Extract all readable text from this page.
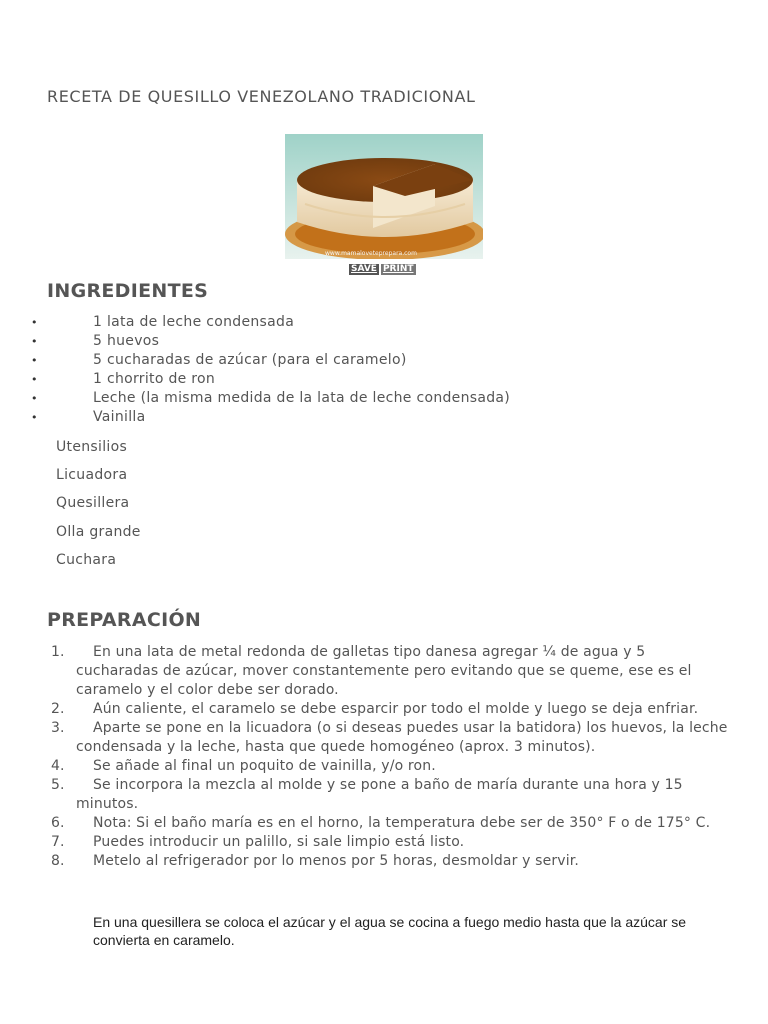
RECETA DE QUESILLO VENEZOLANO TRADICIONAL
www.mamaloveteprepara.com
SAVE PRINT
INGREDIENTES
•	1 lata de leche condensada
•	5 huevos
•	5 cucharadas de azúcar (para el caramelo)
•	1 chorrito de ron
•	Leche (la misma medida de la lata de leche condensada)
•	Vainilla
Utensilios
Licuadora
Quesillera
Olla grande
Cuchara
PREPARACIÓN
1. En una lata de metal redonda de galletas tipo danesa agregar ¼ de agua y 5 cucharadas de azúcar, mover constantemente pero evitando que se queme, ese es el caramelo y el color debe ser dorado.
2. Aún caliente, el caramelo se debe esparcir por todo el molde y luego se deja enfriar.
3. Aparte se pone en la licuadora (o si deseas puedes usar la batidora) los huevos, la leche condensada y la leche, hasta que quede homogéneo (aprox. 3 minutos).
4. Se añade al final un poquito de vainilla, y/o ron.
5. Se incorpora la mezcla al molde y se pone a baño de maría durante una hora y 15 minutos.
6. Nota: Si el baño maría es en el horno, la temperatura debe ser de 350° F o de 175° C.
7. Puedes introducir un palillo, si sale limpio está listo.
8. Metelo al refrigerador por lo menos por 5 horas, desmoldar y servir.
En una quesillera se coloca el azúcar y el agua se cocina a fuego medio hasta que la azúcar se convierta en caramelo.
